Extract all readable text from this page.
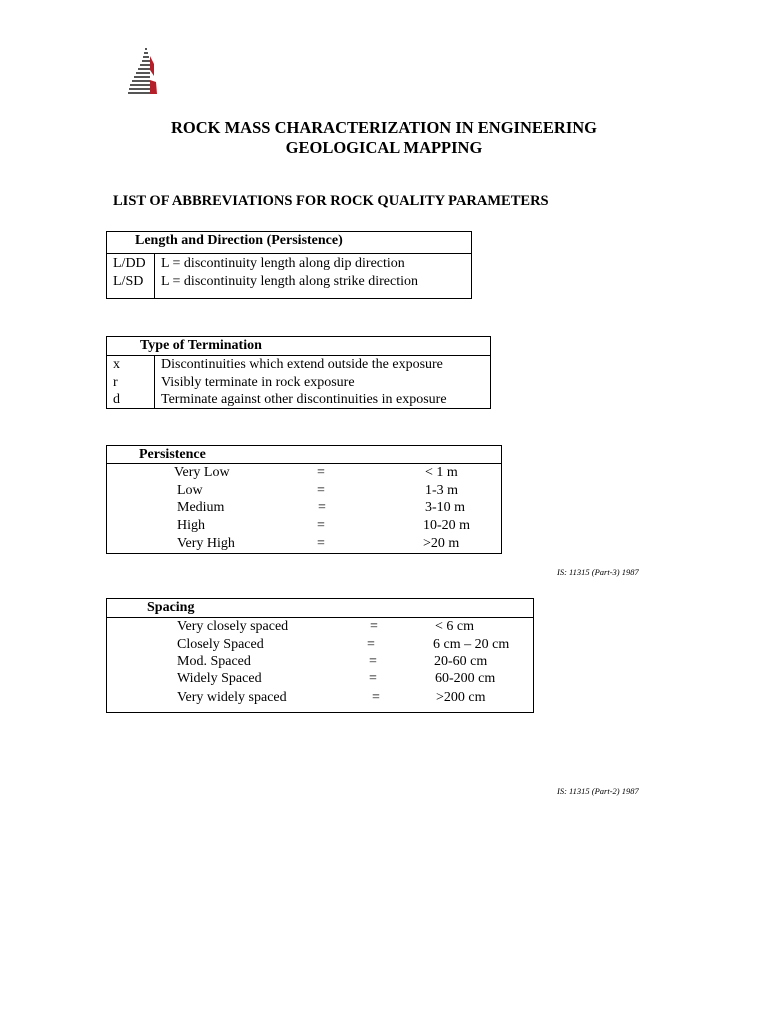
ROCK MASS CHARACTERIZATION IN ENGINEERING
GEOLOGICAL MAPPING
LIST OF ABBREVIATIONS FOR ROCK QUALITY PARAMETERS
Length and Direction (Persistence)
L/DD L = discontinuity length along dip direction
L/SD L = discontinuity length along strike direction
Type of Termination
x	Discontinuities which extend outside the exposure
r	Visibly terminate in rock exposure
d	Terminate against other discontinuities in exposure
Persistence
Very Low	=	< 1 m
Low	=	1-3 m
Medium	=	3-10 m
High	=	10-20 m
Very High	=	>20 m
IS: 11315 (Part-3) 1987
Spacing
Very closely spaced	=	< 6 cm
Closely Spaced	=	6 cm – 20 cm
Mod. Spaced	=	20-60 cm
Widely Spaced	=	60-200 cm
Very widely spaced	=	>200 cm
IS: 11315 (Part-2) 1987
